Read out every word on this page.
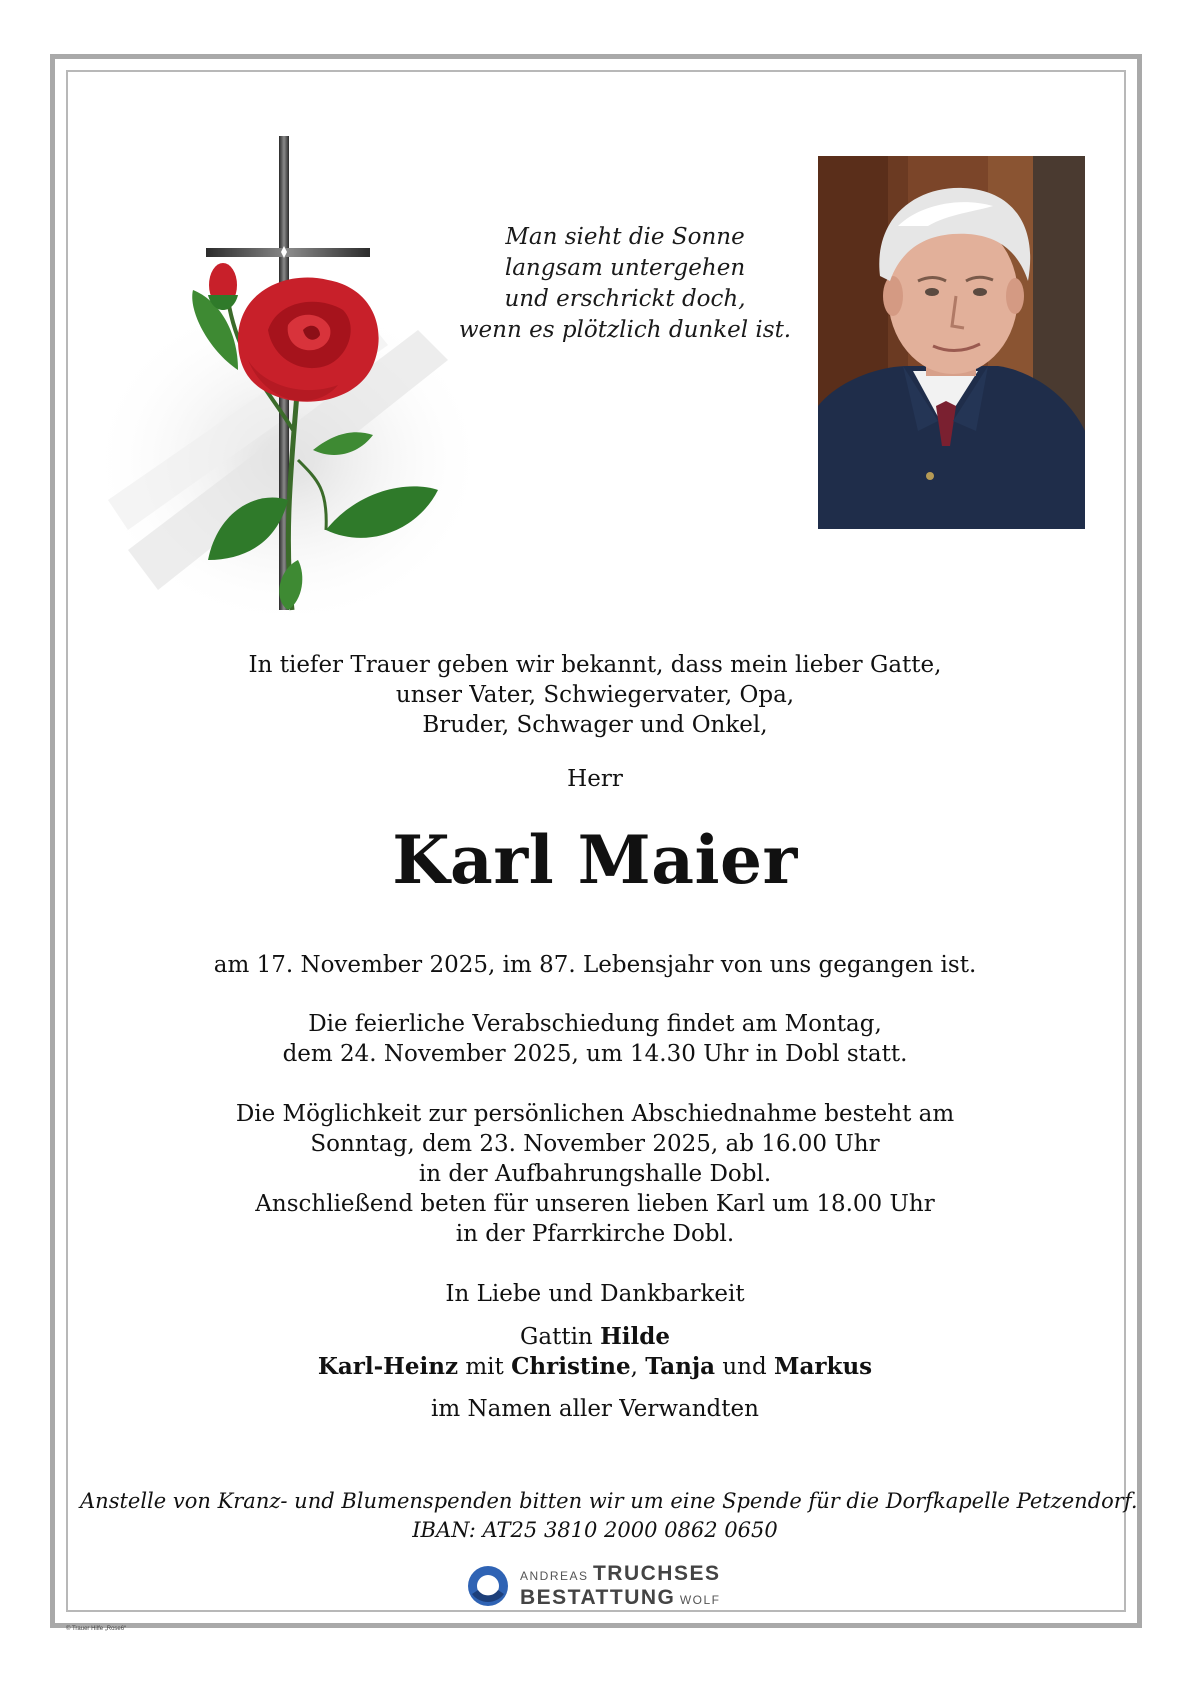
Man sieht die Sonne
langsam untergehen
und erschrickt doch,
wenn es plötzlich dunkel ist.
In tiefer Trauer geben wir bekannt, dass mein lieber Gatte,
unser Vater, Schwiegervater, Opa,
Bruder, Schwager und Onkel,
Herr
Karl Maier
am 17. November 2025, im 87. Lebensjahr von uns gegangen ist.
Die feierliche Verabschiedung findet am Montag,
dem 24. November 2025, um 14.30 Uhr in Dobl statt.
Die Möglichkeit zur persönlichen Abschiednahme besteht am
Sonntag, dem 23. November 2025, ab 16.00 Uhr
in der Aufbahrungshalle Dobl.
Anschließend beten für unseren lieben Karl um 18.00 Uhr
in der Pfarrkirche Dobl.
In Liebe und Dankbarkeit
Gattin Hilde
Karl-Heinz mit Christine, Tanja und Markus
im Namen aller Verwandten
Anstelle von Kranz- und Blumenspenden bitten wir um eine Spende für die Dorfkapelle Petzendorf.
IBAN: AT25 3810 2000 0862 0650
ANDREAS TRUCHSES
BESTATTUNG WOLF
© Trauer Hilfe „Rose6“
